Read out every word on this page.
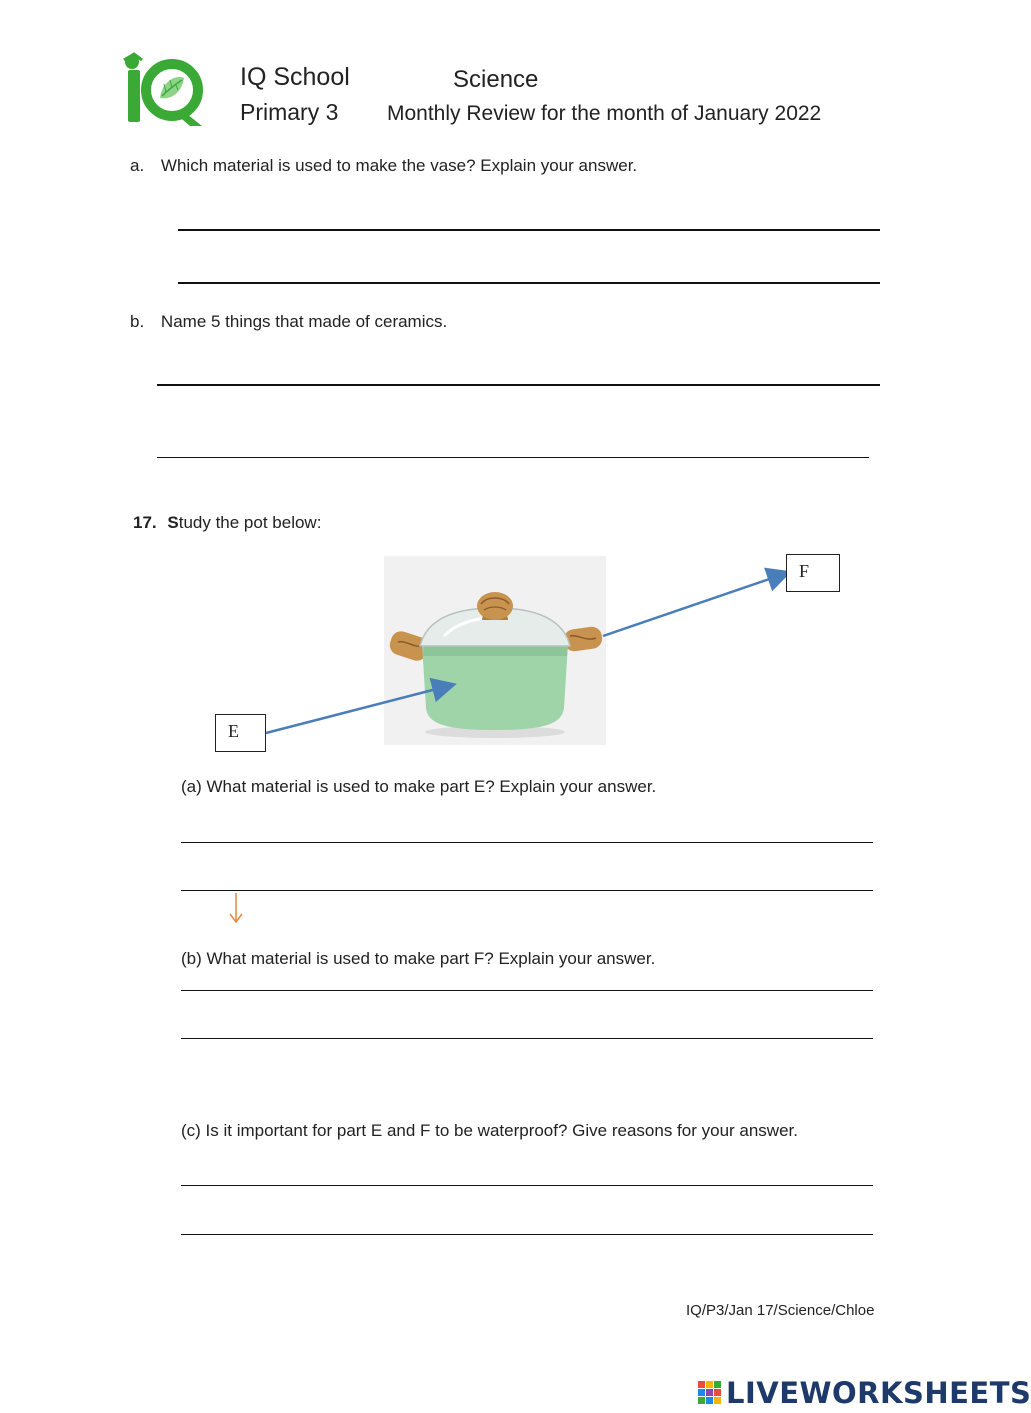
IQ School	Science
Primary 3 Monthly Review for the month of January 2022
a. Which material is used to make the vase? Explain your answer.
b. Name 5 things that made of ceramics.
17. Study the pot below:
F
E
(a) What material is used to make part E? Explain your answer.
(b) What material is used to make part F? Explain your answer.
(c) Is it important for part E and F to be waterproof? Give reasons for your answer.
IQ/P3/Jan 17/Science/Chloe
LIVEWORKSHEETS
